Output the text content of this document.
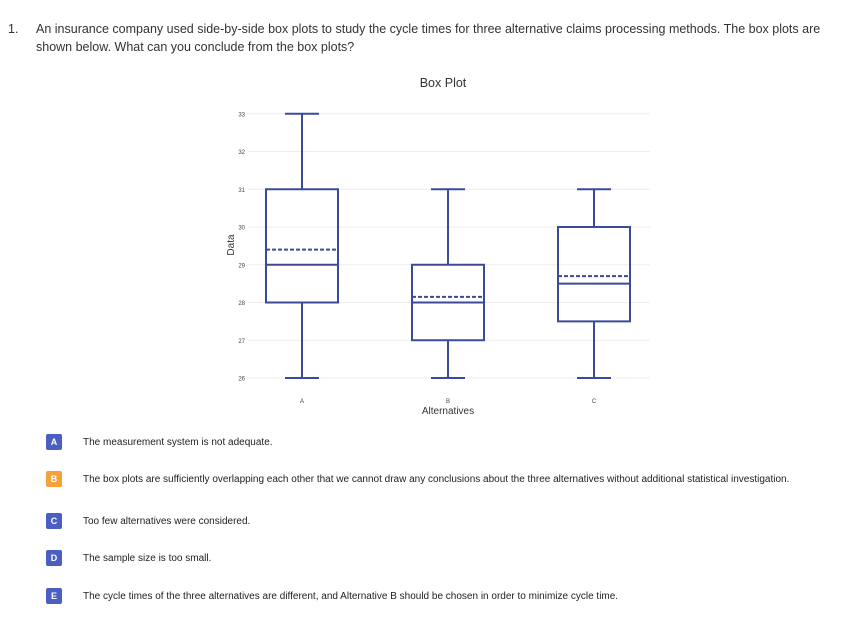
1. An insurance company used side-by-side box plots to study the cycle times for three alternative claims processing methods. The box plots are shown below. What can you conclude from the box plots?
Box Plot
26
27
28
29
30
31
32
33
A	B	C
Data
Alternatives
A	The measurement system is not adequate.
B	The box plots are sufficiently overlapping each other that we cannot draw any conclusions about the three alternatives without additional statistical investigation.
C	Too few alternatives were considered.
D	The sample size is too small.
E	The cycle times of the three alternatives are different, and Alternative B should be chosen in order to minimize cycle time.
